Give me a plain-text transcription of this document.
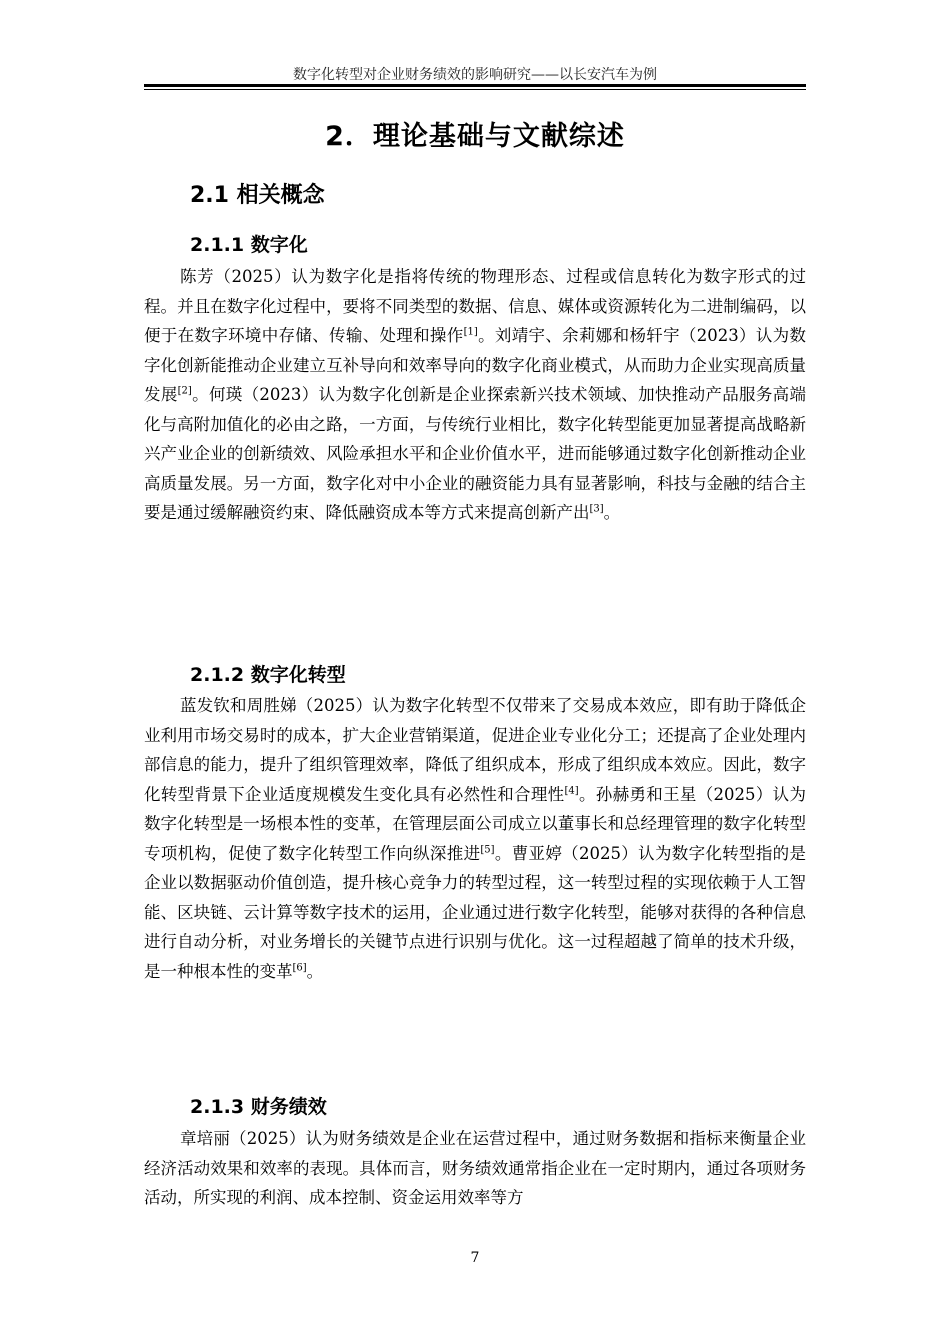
数字化转型对企业财务绩效的影响研究——以长安汽车为例
2．理论基础与文献综述
2.1 相关概念
2.1.1 数字化

陈芳（2025）认为数字化是指将传统的物理形态、过程或信息转化为数字形式的过程。并且在数字化过程中，要将不同类型的数据、信息、媒体或资源转化为二进制编码，以便于在数字环境中存储、传输、处理和操作[1]。刘靖宇、余莉娜和杨轩宇（2023）认为数字化创新能推动企业建立互补导向和效率导向的数字化商业模式，从而助力企业实现高质量发展[2]。何瑛（2023）认为数字化创新是企业探索新兴技术领域、加快推动产品服务高端化与高附加值化的必由之路，一方面，与传统行业相比，数字化转型能更加显著提高战略新兴产业企业的创新绩效、风险承担水平和企业价值水平，进而能够通过数字化创新推动企业高质量发展。另一方面，数字化对中小企业的融资能力具有显著影响，科技与金融的结合主要是通过缓解融资约束、降低融资成本等方式来提高创新产出[3]。

2.1.2 数字化转型

蓝发钦和周胜娣（2025）认为数字化转型不仅带来了交易成本效应，即有助于降低企业利用市场交易时的成本，扩大企业营销渠道，促进企业专业化分工；还提高了企业处理内部信息的能力，提升了组织管理效率，降低了组织成本，形成了组织成本效应。因此，数字化转型背景下企业适度规模发生变化具有必然性和合理性[4]。孙赫勇和王星（2025）认为数字化转型是一场根本性的变革，在管理层面公司成立以董事长和总经理管理的数字化转型专项机构，促使了数字化转型工作向纵深推进[5]。曹亚婷（2025）认为数字化转型指的是企业以数据驱动价值创造，提升核心竞争力的转型过程，这一转型过程的实现依赖于人工智能、区块链、云计算等数字技术的运用，企业通过进行数字化转型，能够对获得的各种信息进行自动分析，对业务增长的关键节点进行识别与优化。这一过程超越了简单的技术升级，是一种根本性的变革[6]。

2.1.3 财务绩效

章培丽（2025）认为财务绩效是企业在运营过程中，通过财务数据和指标来衡量企业经济活动效果和效率的表现。具体而言，财务绩效通常指企业在一定时期内，通过各项财务活动，所实现的利润、成本控制、资金运用效率等方

7
